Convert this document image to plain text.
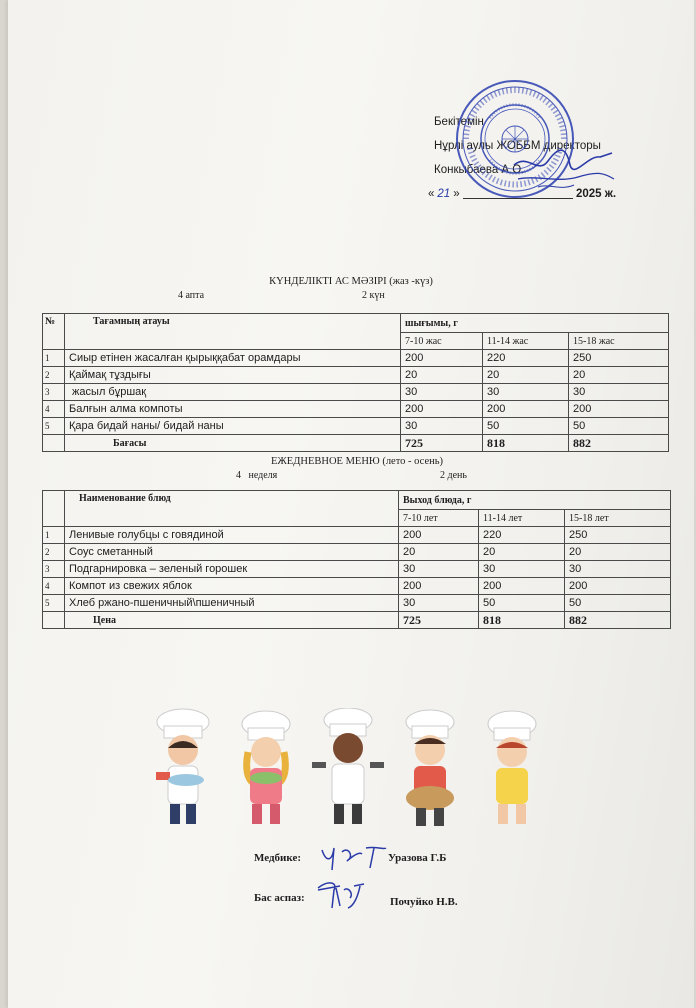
Бекітемін
Нұрлі аулы ЖОББМ директоры
Конкыбаева А.О.
« 21 »	2025 ж.
КҮНДЕЛІКТІ АС МӘЗІРІ (жаз -күз)
4 апта	2 күн
№	Тағамның атауы	шығымы, г		
		7-10 жас	11-14 жас	15-18 жас
1	Сиыр етінен жасалған қырыққабат орамдары	200	220	250
2	Қаймақ тұздығы	20	20	20
3	жасыл бұршақ	30	30	30
4	Балғын алма компоты	200	200	200
5	Қара бидай наны/ бидай наны	30	50	50
	Бағасы	725	818	882
ЕЖЕДНЕВНОЕ МЕНЮ (лето - осень)
4   неделя	2 день
	Наименование блюд	Выход блюда, г		
		7-10 лет	11-14 лет	15-18 лет
1	Ленивые голубцы с говядиной	200	220	250
2	Соус сметанный	20	20	20
3	Подгарнировка – зеленый горошек	30	30	30
4	Компот из свежих яблок	200	200	200
5	Хлеб ржано-пшеничный\пшеничный	30	50	50
	Цена	725	818	882
Медбике:	Уразова Г.Б
Бас аспаз:	Почуйко Н.В.
